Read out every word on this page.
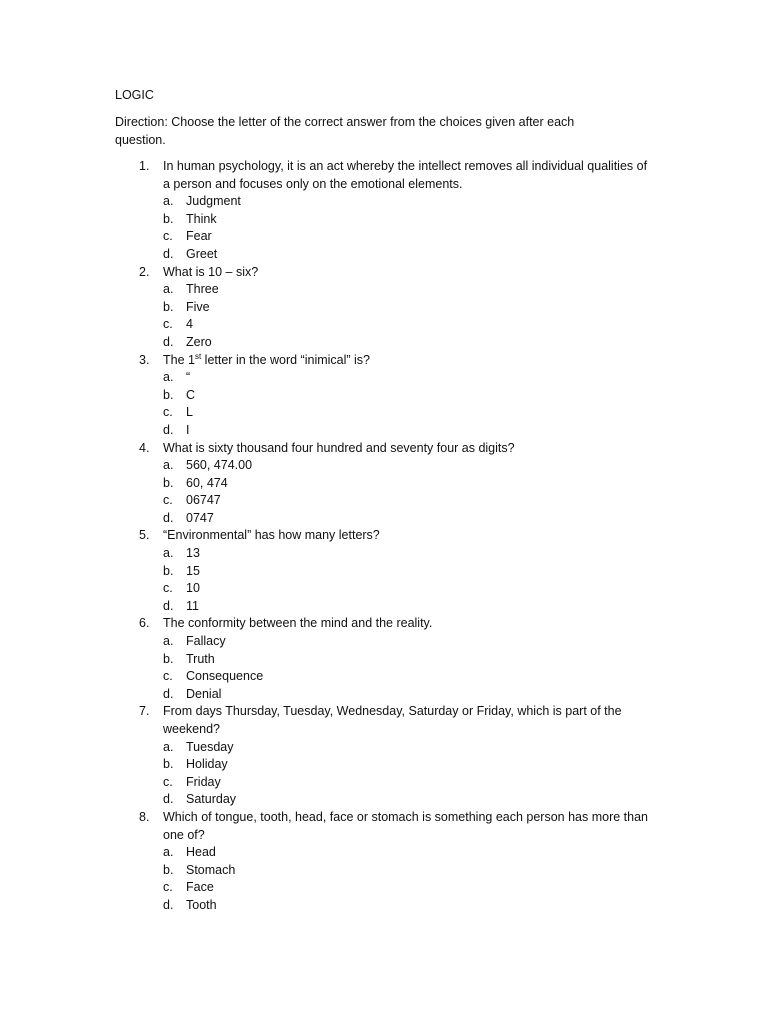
LOGIC
Direction: Choose the letter of the correct answer from the choices given after each question.
1. In human psychology, it is an act whereby the intellect removes all individual qualities of a person and focuses only on the emotional elements.
a. Judgment
b. Think
c. Fear
d. Greet
2. What is 10 – six?
a. Three
b. Five
c. 4
d. Zero
3. The 1st letter in the word “inimical” is?
a. “
b. C
c. L
d. I
4. What is sixty thousand four hundred and seventy four as digits?
a. 560, 474.00
b. 60, 474
c. 06747
d. 0747
5. “Environmental” has how many letters?
a. 13
b. 15
c. 10
d. 11
6. The conformity between the mind and the reality.
a. Fallacy
b. Truth
c. Consequence
d. Denial
7. From days Thursday, Tuesday, Wednesday, Saturday or Friday, which is part of the weekend?
a. Tuesday
b. Holiday
c. Friday
d. Saturday
8. Which of tongue, tooth, head, face or stomach is something each person has more than one of?
a. Head
b. Stomach
c. Face
d. Tooth
